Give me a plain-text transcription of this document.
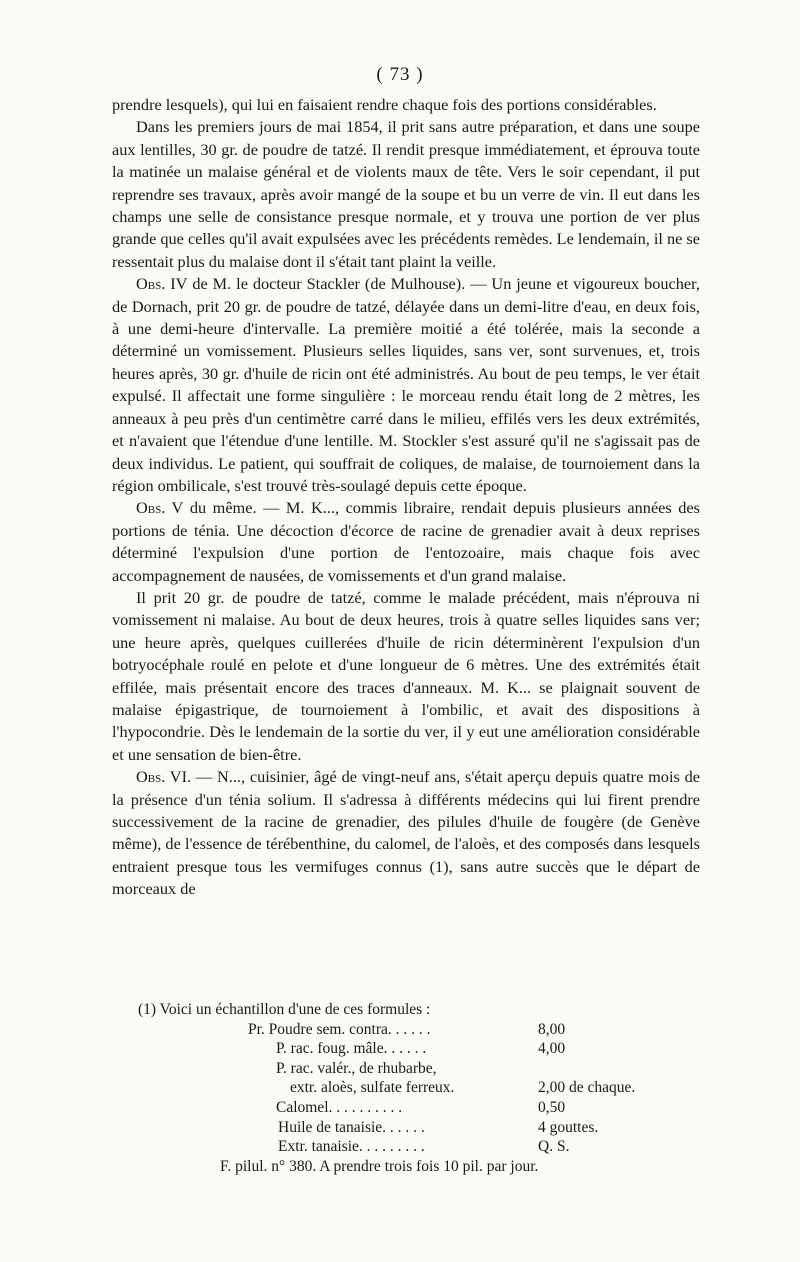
( 73 )

prendre lesquels), qui lui en faisaient rendre chaque fois des portions considérables.

Dans les premiers jours de mai 1854, il prit sans autre préparation, et dans une soupe aux lentilles, 30 gr. de poudre de tatzé. Il rendit presque immédiatement, et éprouva toute la matinée un malaise général et de violents maux de tête. Vers le soir cependant, il put reprendre ses travaux, après avoir mangé de la soupe et bu un verre de vin. Il eut dans les champs une selle de consistance presque normale, et y trouva une portion de ver plus grande que celles qu'il avait expulsées avec les précédents remèdes. Le lendemain, il ne se ressentait plus du malaise dont il s'était tant plaint la veille.

Obs. IV de M. le docteur Stackler (de Mulhouse). — Un jeune et vigoureux boucher, de Dornach, prit 20 gr. de poudre de tatzé, délayée dans un demi-litre d'eau, en deux fois, à une demi-heure d'intervalle. La première moitié a été tolérée, mais la seconde a déterminé un vomissement. Plusieurs selles liquides, sans ver, sont survenues, et, trois heures après, 30 gr. d'huile de ricin ont été administrés. Au bout de peu temps, le ver était expulsé. Il affectait une forme singulière : le morceau rendu était long de 2 mètres, les anneaux à peu près d'un centimètre carré dans le milieu, effilés vers les deux extrémités, et n'avaient que l'étendue d'une lentille. M. Stockler s'est assuré qu'il ne s'agissait pas de deux individus. Le patient, qui souffrait de coliques, de malaise, de tournoiement dans la région ombilicale, s'est trouvé très-soulagé depuis cette époque.

Obs. V du même. — M. K..., commis libraire, rendait depuis plusieurs années des portions de ténia. Une décoction d'écorce de racine de grenadier avait à deux reprises déterminé l'expulsion d'une portion de l'entozoaire, mais chaque fois avec accompagnement de nausées, de vomissements et d'un grand malaise.

Il prit 20 gr. de poudre de tatzé, comme le malade précédent, mais n'éprouva ni vomissement ni malaise. Au bout de deux heures, trois à quatre selles liquides sans ver; une heure après, quelques cuillerées d'huile de ricin déterminèrent l'expulsion d'un botryocéphale roulé en pelote et d'une longueur de 6 mètres. Une des extrémités était effilée, mais présentait encore des traces d'anneaux. M. K... se plaignait souvent de malaise épigastrique, de tournoiement à l'ombilic, et avait des dispositions à l'hypocondrie. Dès le lendemain de la sortie du ver, il y eut une amélioration considérable et une sensation de bien-être.

Obs. VI. — N..., cuisinier, âgé de vingt-neuf ans, s'était aperçu depuis quatre mois de la présence d'un ténia solium. Il s'adressa à différents médecins qui lui firent prendre successivement de la racine de grenadier, des pilules d'huile de fougère (de Genève même), de l'essence de térébenthine, du calomel, de l'aloès, et des composés dans lesquels entraient presque tous les vermifuges connus (1), sans autre succès que le départ de morceaux de

(1) Voici un échantillon d'une de ces formules :

Pr. Poudre sem. contra. . . . . .	8,00
P. rac. foug. mâle. . . . . .	4,00
P. rac. valér., de rhubarbe,
extr. aloès, sulfate ferreux.	2,00 de chaque.
Calomel. . . . . . . . . .	0,50
Huile de tanaisie. . . . . .	4 gouttes.
Extr. tanaisie. . . . . . . . .	Q. S.

F. pilul. n° 380. A prendre trois fois 10 pil. par jour.
